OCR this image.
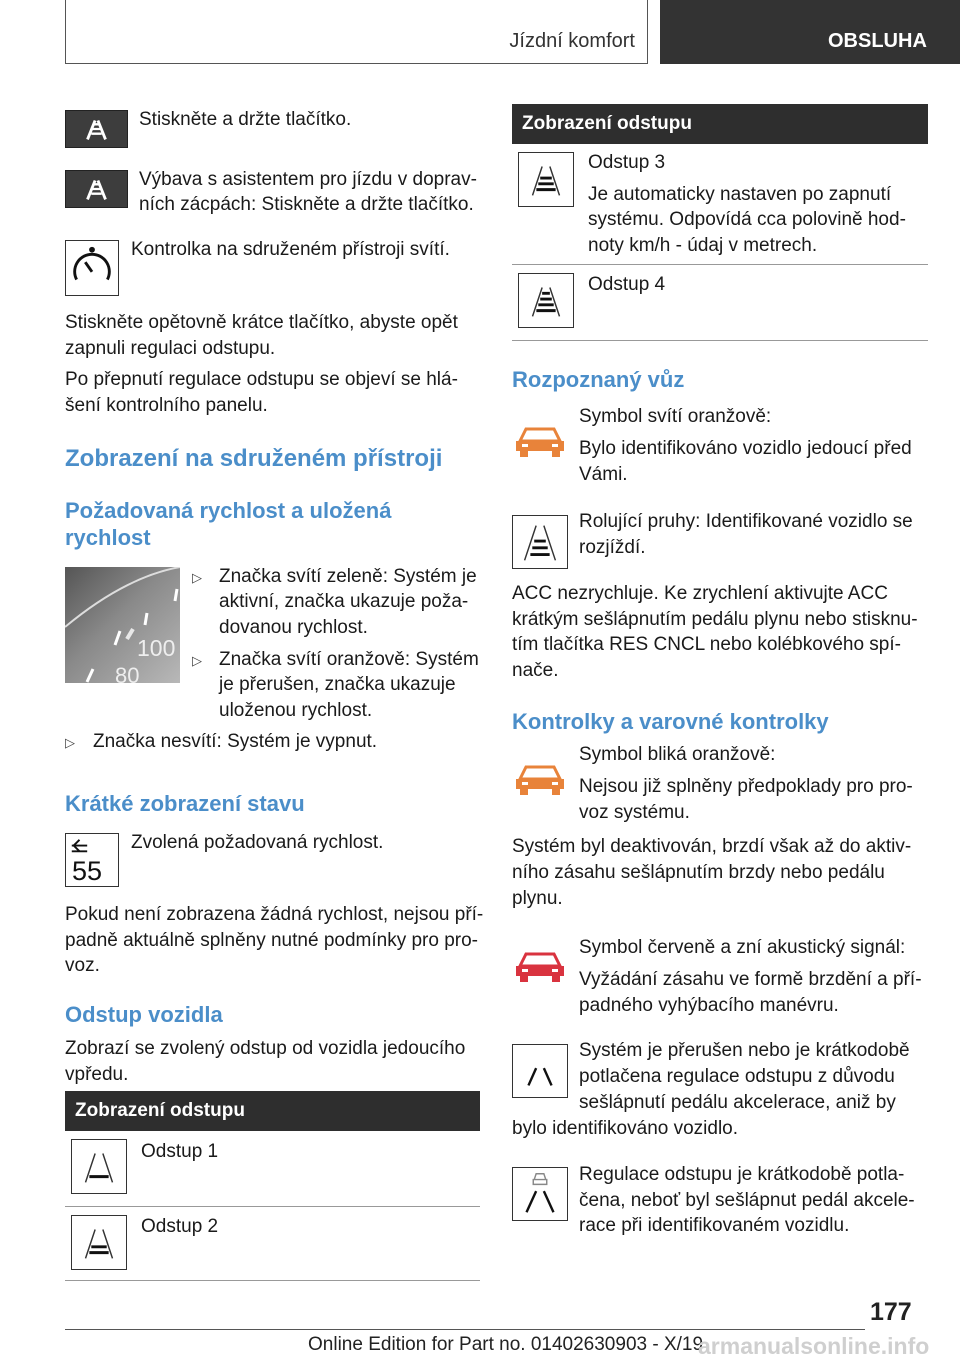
Jízdní komfort	OBSLUHA
Stiskněte a držte tlačítko.
Výbava s asistentem pro jízdu v doprav-
ních zácpách: Stiskněte a držte tlačítko.
Kontrolka na sdruženém přístroji svítí.
Stiskněte opětovně krátce tlačítko, abyste opět
zapnuli regulaci odstupu.
Po přepnutí regulace odstupu se objeví se hlá-
šení kontrolního panelu.
Zobrazení na sdruženém přístroji
Požadovaná rychlost a uložená
rychlost
100
80
▷ Značka svítí zeleně: Systém je
aktivní, značka ukazuje poža-
dovanou rychlost.
▷ Značka svítí oranžově: Systém
je přerušen, značka ukazuje
uloženou rychlost.
▷ Značka nesvítí: Systém je vypnut.
Krátké zobrazení stavu
55
Zvolená požadovaná rychlost.
Pokud není zobrazena žádná rychlost, nejsou pří-
padně aktuálně splněny nutné podmínky pro pro-
voz.
Odstup vozidla
Zobrazí se zvolený odstup od vozidla jedoucího
vpředu.
Zobrazení odstupu
Odstup 1
Odstup 2
Zobrazení odstupu
Odstup 3
Je automaticky nastaven po zapnutí
systému. Odpovídá cca polovině hod-
noty km/h - údaj v metrech.
Odstup 4
Rozpoznaný vůz
Symbol svítí oranžově:
Bylo identifikováno vozidlo jedoucí před
Vámi.
Rolující pruhy: Identifikované vozidlo se
rozjíždí.
ACC nezrychluje. Ke zrychlení aktivujte ACC
krátkým sešlápnutím pedálu plynu nebo stisknu-
tím tlačítka RES CNCL nebo kolébkového spí-
nače.
Kontrolky a varovné kontrolky
Symbol bliká oranžově:
Nejsou již splněny předpoklady pro pro-
voz systému.
Systém byl deaktivován, brzdí však až do aktiv-
ního zásahu sešlápnutím brzdy nebo pedálu
plynu.
Symbol červeně a zní akustický signál:
Vyžádání zásahu ve formě brzdění a pří-
padného vyhýbacího manévru.
Systém je přerušen nebo je krátkodobě
potlačena regulace odstupu z důvodu
sešlápnutí pedálu akcelerace, aniž by
bylo identifikováno vozidlo.
Regulace odstupu je krátkodobě potla-
čena, neboť byl sešlápnut pedál akcele-
race při identifikovaném vozidlu.
177
Online Edition for Part no. 01402630903 - X/19
armanualsonline.info
